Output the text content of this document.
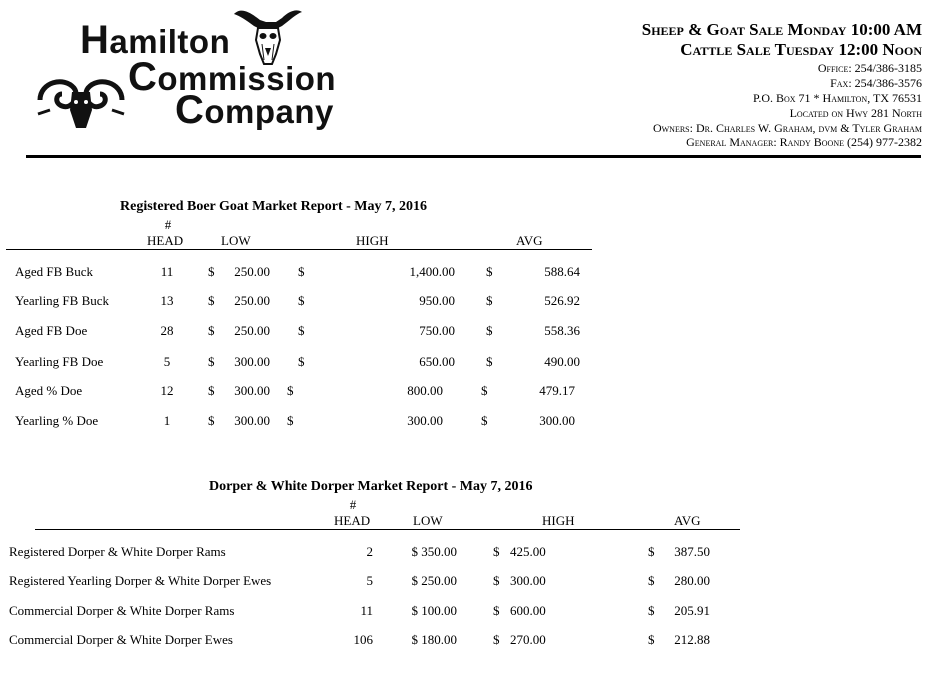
Hamilton
Commission
Company
Sheep & Goat Sale Monday 10:00 AM
Cattle Sale Tuesday 12:00 Noon
Office: 254/386-3185
Fax: 254/386-3576
P.O. Box 71 * Hamilton, TX 76531
Located on Hwy 281 North
Owners: Dr. Charles W. Graham, dvm & Tyler Graham
General Manager: Randy Boone (254) 977-2382
Registered Boer Goat Market Report - May 7, 2016
#
HEAD	LOW	HIGH	AVG
Aged FB Buck	11	$	250.00 $	1,400.00 $	588.64
Yearling FB Buck	13	$	250.00 $	950.00 $	526.92
Aged FB Doe	28	$	250.00 $	750.00 $	558.36
Yearling FB Doe	5	$	300.00 $	650.00 $	490.00
Aged % Doe	12	$	300.00 $	800.00	$	479.17
Yearling % Doe	1	$	300.00 $	300.00	$	300.00
Dorper & White Dorper Market Report - May 7, 2016
#
HEAD	LOW	HIGH	AVG
Registered Dorper & White Dorper Rams	2	$ 350.00	$ 425.00	$	387.50
Registered Yearling Dorper & White Dorper Ewes	5	$ 250.00	$ 300.00	$	280.00
Commercial Dorper & White Dorper Rams	11	$ 100.00	$ 600.00	$	205.91
Commercial Dorper & White Dorper Ewes	106	$ 180.00	$ 270.00	$	212.88
